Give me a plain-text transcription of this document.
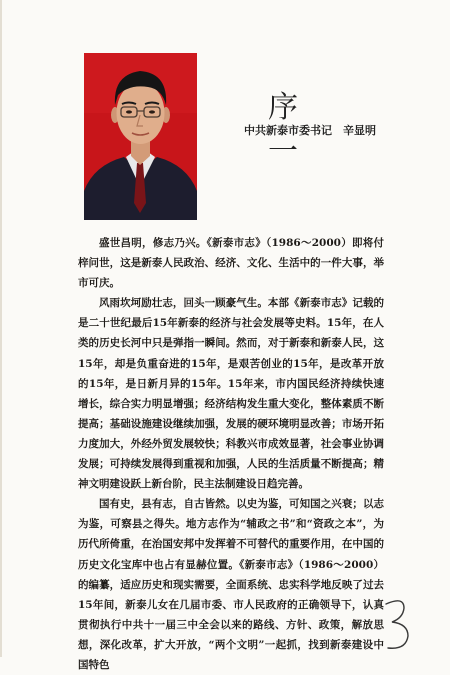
序 一
中共新泰市委书记　辛显明

盛世昌明，修志乃兴。《新泰市志》（1986～2000）即将付梓问世，这是新泰人民政治、经济、文化、生活中的一件大事，举市可庆。

风雨坎坷励壮志，回头一顾豪气生。本部《新泰市志》记载的是二十世纪最后15年新泰的经济与社会发展等史料。15年，在人类的历史长河中只是弹指一瞬间。然而，对于新泰和新泰人民，这15年，却是负重奋进的15年，是艰苦创业的15年，是改革开放的15年，是日新月异的15年。15年来，市内国民经济持续快速增长，综合实力明显增强；经济结构发生重大变化，整体素质不断提高；基础设施建设继续加强，发展的硬环境明显改善；市场开拓力度加大，外经外贸发展较快；科教兴市成效显著，社会事业协调发展；可持续发展得到重视和加强，人民的生活质量不断提高；精神文明建设跃上新台阶，民主法制建设日趋完善。

国有史，县有志，自古皆然。以史为鉴，可知国之兴衰；以志为鉴，可察县之得失。地方志作为“辅政之书”和“资政之本”，为历代所倚重，在治国安邦中发挥着不可替代的重要作用，在中国的历史文化宝库中也占有显赫位置。《新泰市志》（1986～2000）的编纂，适应历史和现实需要，全面系统、忠实科学地反映了过去15年间，新泰儿女在几届市委、市人民政府的正确领导下，认真贯彻执行中共十一届三中全会以来的路线、方针、政策，解放思想，深化改革，扩大开放，“两个文明”一起抓，找到新泰建设中国特色
